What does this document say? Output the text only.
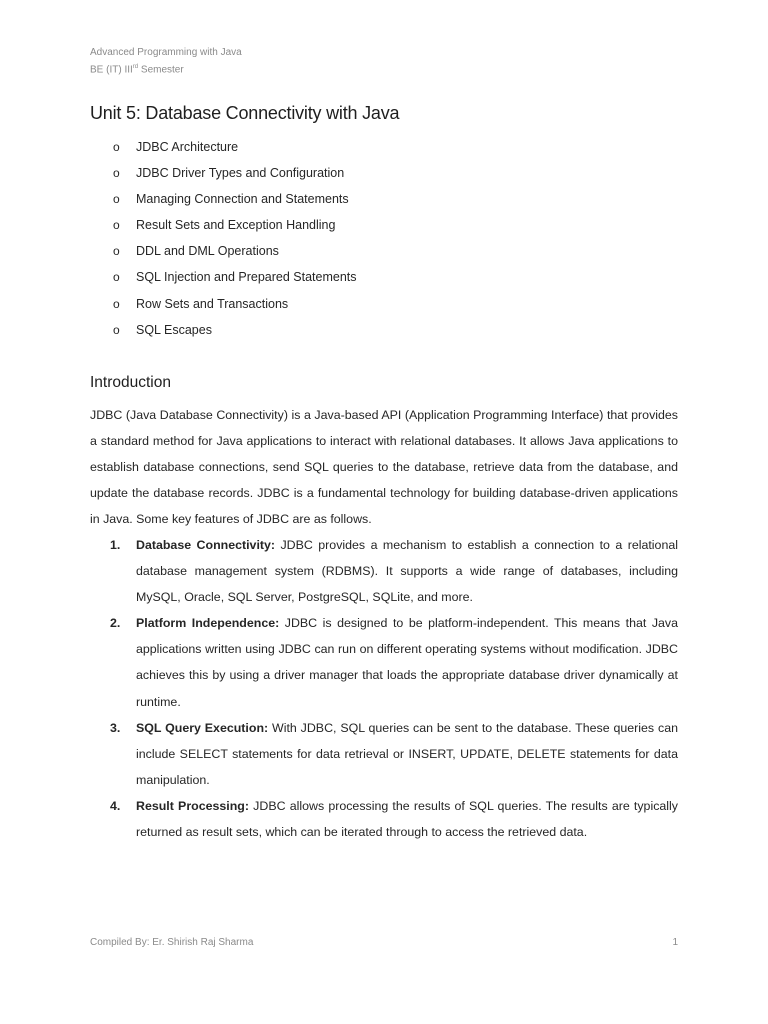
Advanced Programming with Java
BE (IT) IIIrd Semester
Unit 5: Database Connectivity with Java
o JDBC Architecture
o JDBC Driver Types and Configuration
o Managing Connection and Statements
o Result Sets and Exception Handling
o DDL and DML Operations
o SQL Injection and Prepared Statements
o Row Sets and Transactions
o SQL Escapes
Introduction

JDBC (Java Database Connectivity) is a Java-based API (Application Programming Interface) that provides a standard method for Java applications to interact with relational databases. It allows Java applications to establish database connections, send SQL queries to the database, retrieve data from the database, and update the database records. JDBC is a fundamental technology for building database-driven applications in Java. Some key features of JDBC are as follows.

1. Database Connectivity: JDBC provides a mechanism to establish a connection to a relational database management system (RDBMS). It supports a wide range of databases, including MySQL, Oracle, SQL Server, PostgreSQL, SQLite, and more.
2. Platform Independence: JDBC is designed to be platform-independent. This means that Java applications written using JDBC can run on different operating systems without modification. JDBC achieves this by using a driver manager that loads the appropriate database driver dynamically at runtime.
3. SQL Query Execution: With JDBC, SQL queries can be sent to the database. These queries can include SELECT statements for data retrieval or INSERT, UPDATE, DELETE statements for data manipulation.
4. Result Processing: JDBC allows processing the results of SQL queries. The results are typically returned as result sets, which can be iterated through to access the retrieved data.
Compiled By: Er. Shirish Raj Sharma	1
